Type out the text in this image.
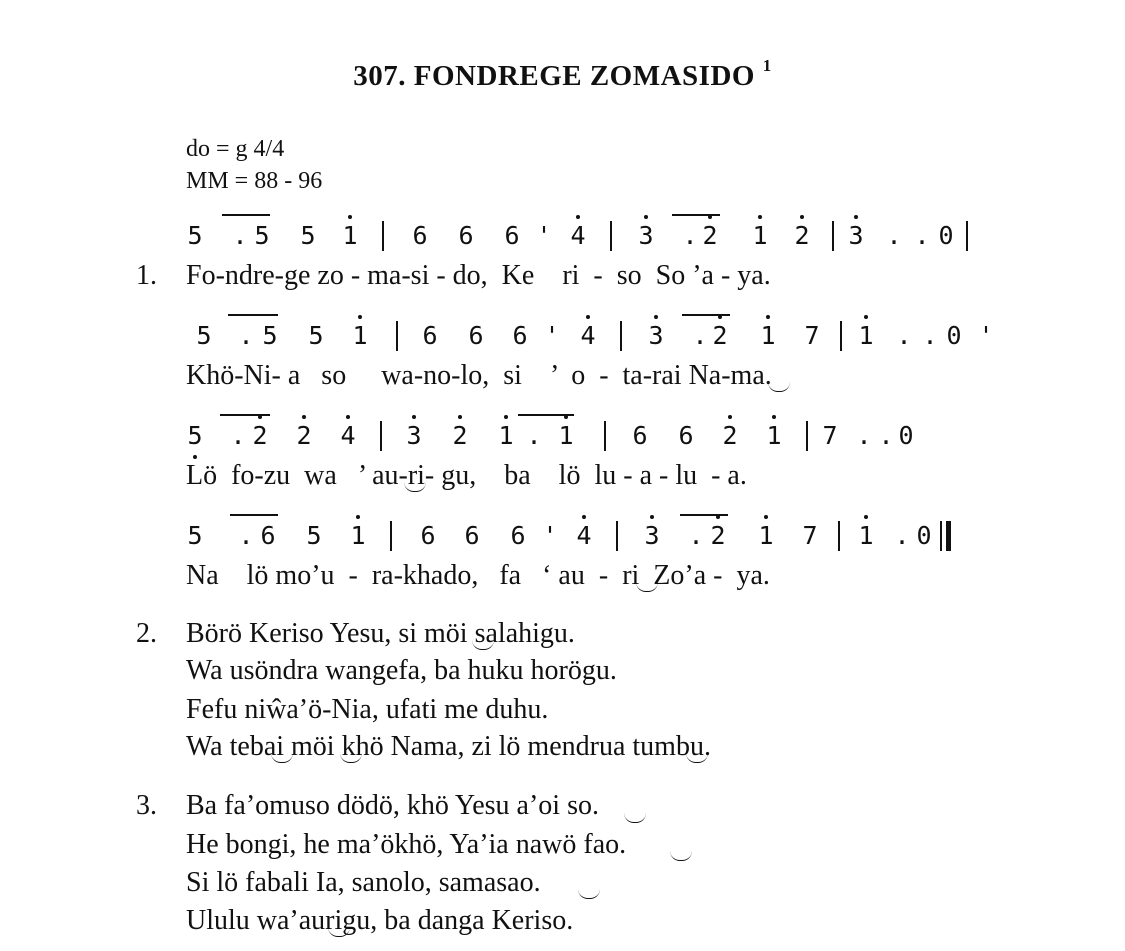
307. FONDREGE ZOMASIDO $^1$
do = g 4/4
MM = 88 - 96
5 . 5 5 1 6 6 6 ' 4 3 . 2 1 2 3 . . 0
5 . 5 5 1 6 6 6 ' 4 3 . 2 1 7 1 . . 0 '
5 . 2 2 4 3 2 1 . 1 6 6 2 1 7 . . 0
5 . 6 5 1 6 6 6 ' 4 3 . 2 1 7 1 . 0
1. Fo-ndre-ge zo - ma-si - do,  Ke    ri  -  so  So ’a - ya.
Khö-Ni- a   so     wa-no-lo,  si    ’  o  -  ta-rai Na-ma.
Lö  fo-zu  wa   ’ au-ri- gu,    ba    lö  lu - a - lu  - a.
Na    lö mo’u  -  ra-khado,   fa   ‘ au  -  ri  Zo’a -  ya.
2. Börö Keriso Yesu, si möi salahigu.
Wa usöndra wangefa, ba huku horögu.
Fefu niŵa’ö-Nia, ufati me duhu.
Wa tebai möi khö Nama, zi lö mendrua tumbu.
3. Ba fa’omuso dödö, khö Yesu a’oi so.
He bongi, he ma’ökhö, Ya’ia nawö fao.
Si lö fabali Ia, sanolo, samasao.
Ululu wa’aurigu, ba danga Keriso.
